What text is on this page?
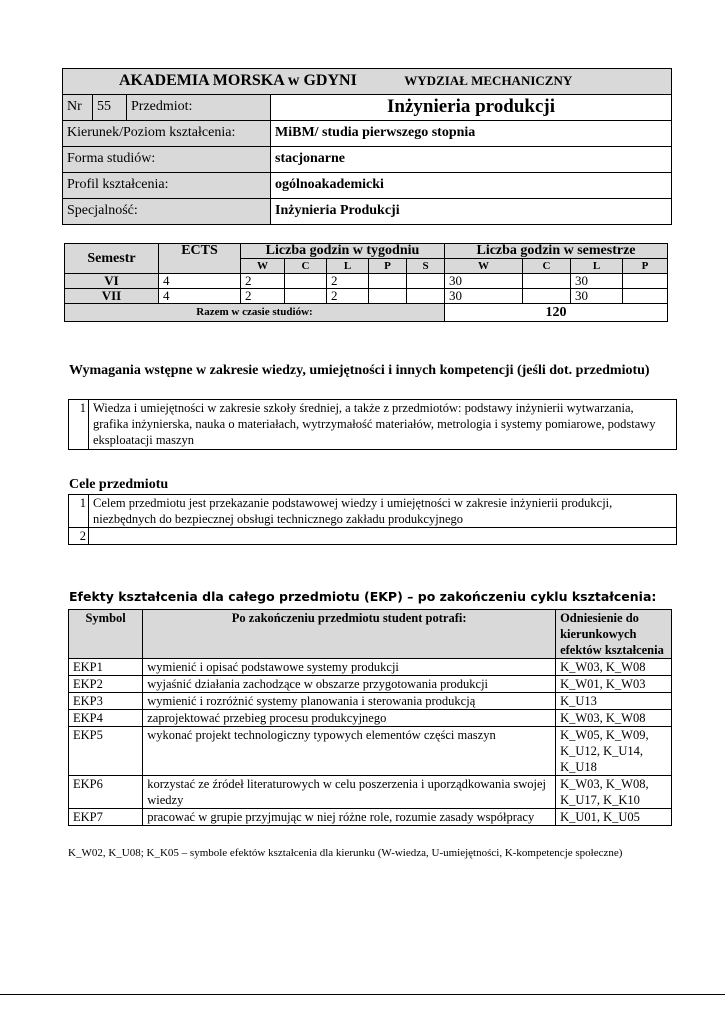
AKADEMIA MORSKA w GDYNI WYDZIAŁ MECHANICZNY			
Nr	55	Przedmiot:	Inżynieria produkcji
Kierunek/Poziom kształcenia:			MiBM/ studia pierwszego stopnia
Forma studiów:			stacjonarne
Profil kształcenia:			ogólnoakademicki
Specjalność:			Inżynieria Produkcji
Semestr	ECTS	Liczba godzin w tygodniu					Liczba godzin w semestrze			
		W	C	L	P	S	W	C	L	P
VI	4	2		2			30		30	
VII	4	2		2			30		30	
Razem w czasie studiów:							120			
Wymagania wstępne w zakresie wiedzy, umiejętności i innych kompetencji (jeśli dot. przedmiotu)
1	Wiedza i umiejętności w zakresie szkoły średniej, a także z przedmiotów: podstawy inżynierii wytwarzania, grafika inżynierska, nauka o materiałach, wytrzymałość materiałów, metrologia i systemy pomiarowe, podstawy eksploatacji maszyn
Cele przedmiotu
1	Celem przedmiotu jest przekazanie podstawowej wiedzy i umiejętności w zakresie inżynierii produkcji, niezbędnych do bezpiecznej obsługi technicznego zakładu produkcyjnego
2	
Efekty kształcenia dla całego przedmiotu (EKP) – po zakończeniu cyklu kształcenia:
Symbol	Po zakończeniu przedmiotu student potrafi:	Odniesienie do kierunkowych efektów kształcenia
EKP1	wymienić i opisać podstawowe systemy produkcji	K_W03, K_W08
EKP2	wyjaśnić działania zachodzące w obszarze przygotowania produkcji	K_W01, K_W03
EKP3	wymienić i rozróżnić systemy planowania i sterowania produkcją	K_U13
EKP4	zaprojektować przebieg procesu produkcyjnego	K_W03, K_W08
EKP5	wykonać projekt technologiczny typowych elementów części maszyn	K_W05, K_W09, K_U12, K_U14, K_U18
EKP6	korzystać ze źródeł literaturowych w celu poszerzenia i uporządkowania swojej wiedzy	K_W03, K_W08, K_U17, K_K10
EKP7	pracować w grupie przyjmując w niej różne role, rozumie zasady współpracy	K_U01, K_U05
K_W02, K_U08; K_K05 – symbole efektów kształcenia dla kierunku (W-wiedza, U-umiejętności, K-kompetencje społeczne)
